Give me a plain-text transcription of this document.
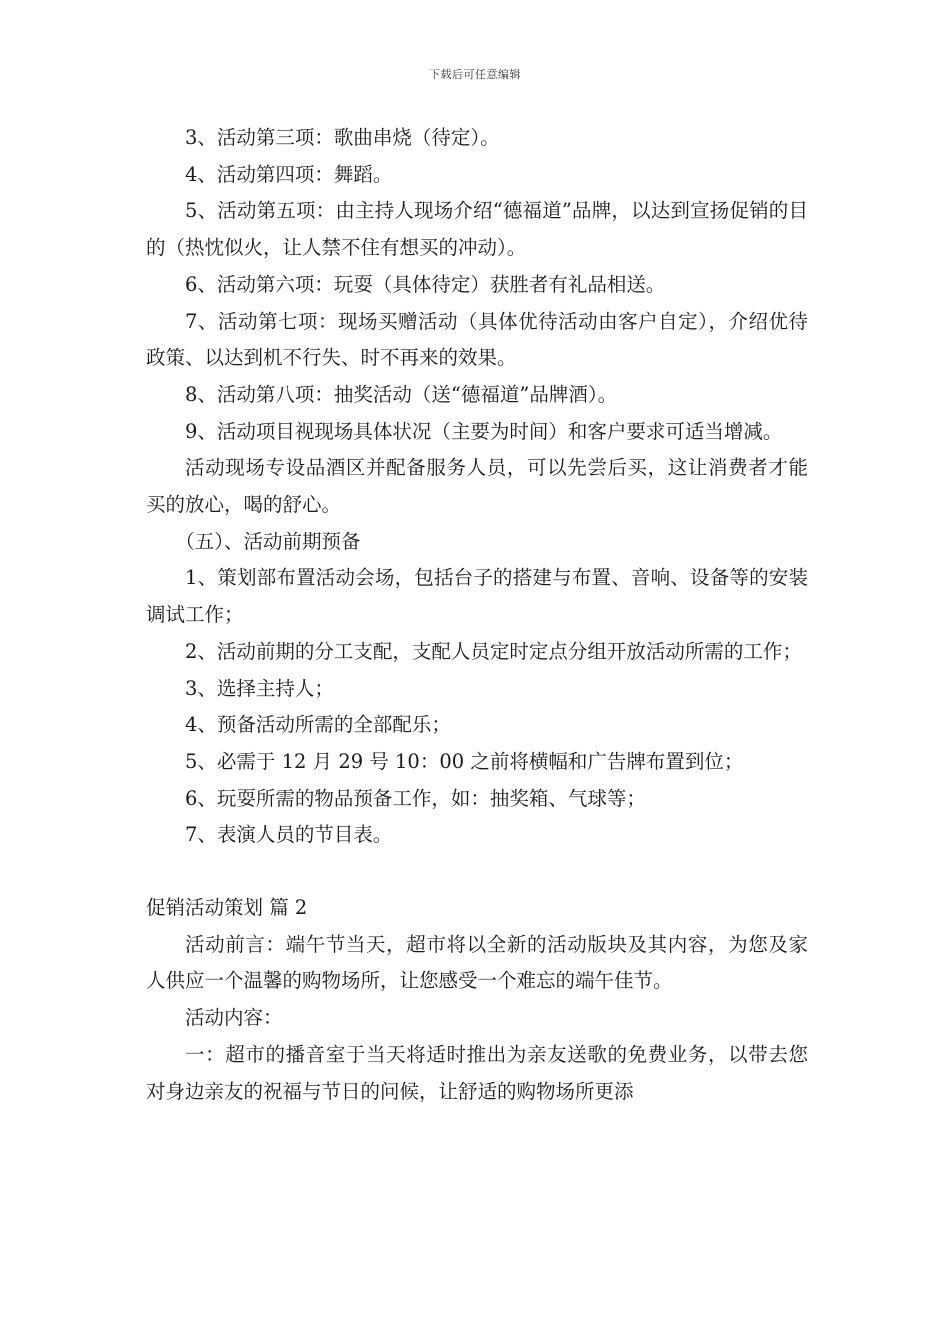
下载后可任意编辑

3、活动第三项：歌曲串烧（待定）。

4、活动第四项：舞蹈。

5、活动第五项：由主持人现场介绍“德福道”品牌，以达到宣扬促销的目的（热忱似火，让人禁不住有想买的冲动）。

6、活动第六项：玩耍（具体待定）获胜者有礼品相送。

7、活动第七项：现场买赠活动（具体优待活动由客户自定），介绍优待政策、以达到机不行失、时不再来的效果。

8、活动第八项：抽奖活动（送“德福道”品牌酒）。

9、活动项目视现场具体状况（主要为时间）和客户要求可适当增减。

活动现场专设品酒区并配备服务人员，可以先尝后买，这让消费者才能买的放心，喝的舒心。

（五）、活动前期预备

1、策划部布置活动会场，包括台子的搭建与布置、音响、设备等的安装调试工作；

2、活动前期的分工支配，支配人员定时定点分组开放活动所需的工作；

3、选择主持人；

4、预备活动所需的全部配乐；

5、必需于 12 月 29 号 10：00 之前将横幅和广告牌布置到位；

6、玩耍所需的物品预备工作，如：抽奖箱、气球等；

7、表演人员的节目表。

促销活动策划 篇 2

活动前言：端午节当天，超市将以全新的活动版块及其内容，为您及家人供应一个温馨的购物场所，让您感受一个难忘的端午佳节。

活动内容：

一：超市的播音室于当天将适时推出为亲友送歌的免费业务，以带去您对身边亲友的祝福与节日的问候，让舒适的购物场所更添
